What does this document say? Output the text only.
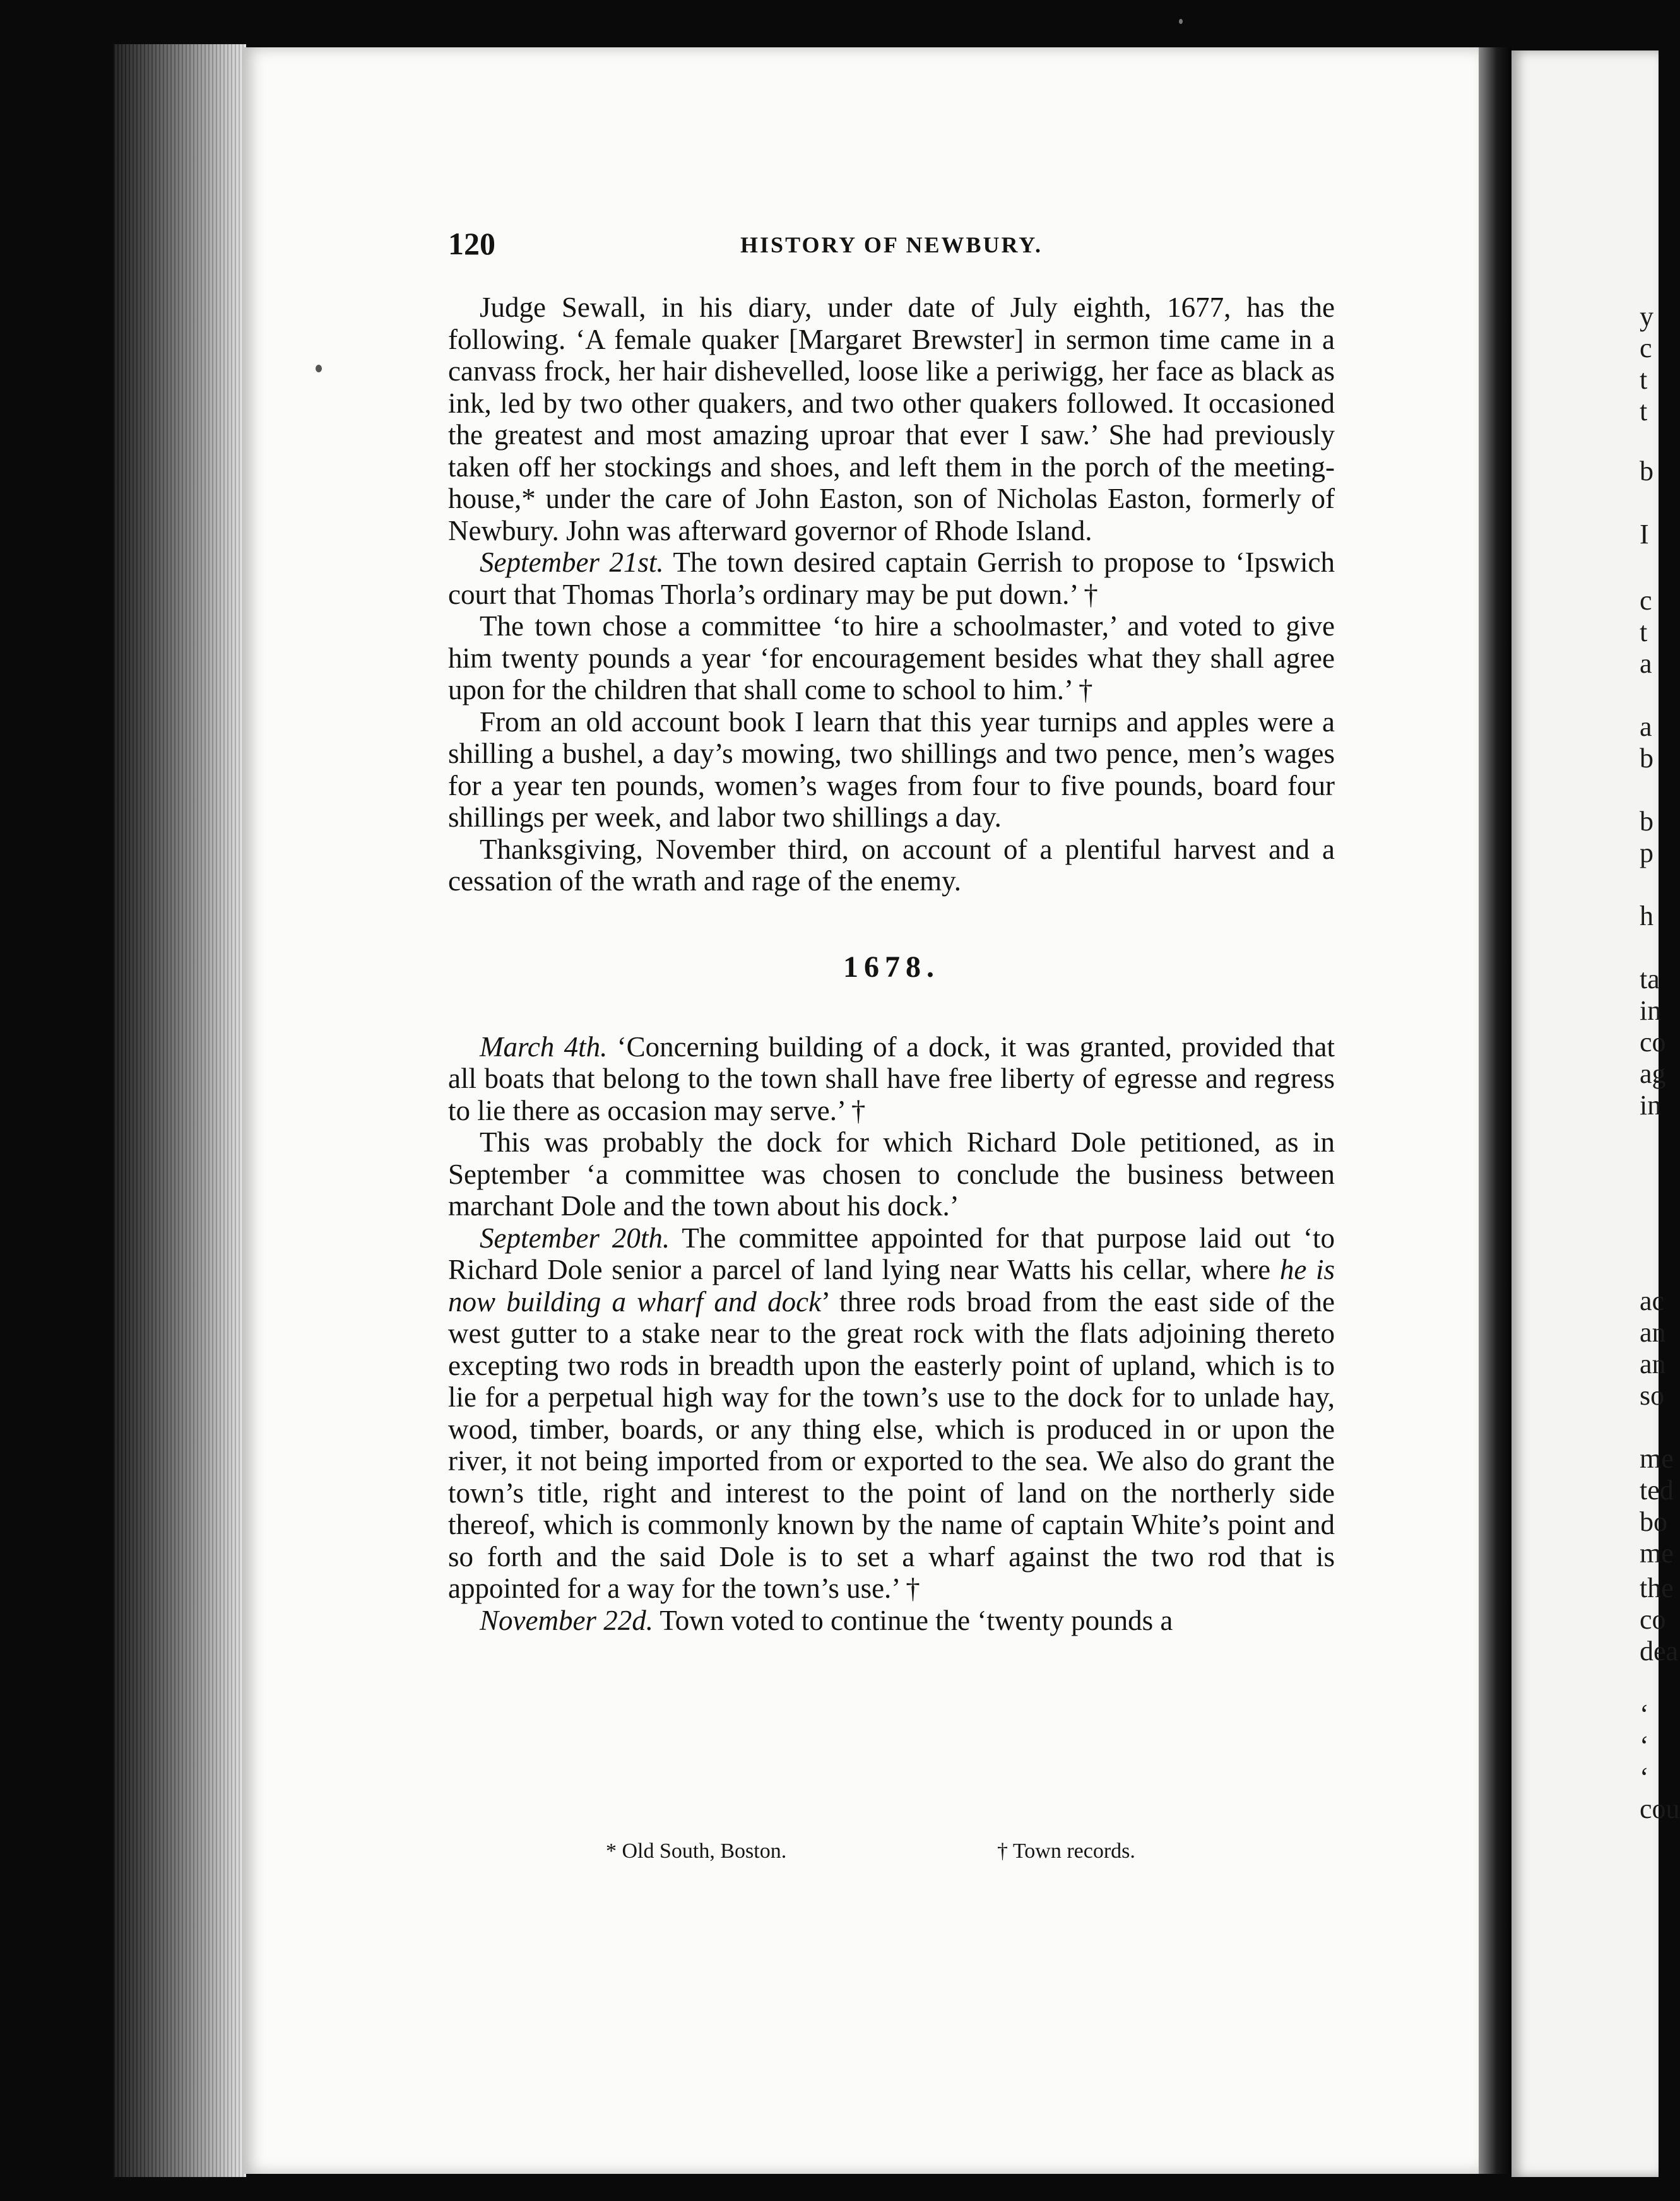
y
c
t
t
b
I
c
t
a
a
b
b
p
h
ta
in
co
ag
in
ac
an
an
so
me
ted
bo
me
the
co
dea
‘
‘
‘
cou
120	HISTORY OF NEWBURY.

Judge Sewall, in his diary, under date of July eighth, 1677, has the following. ‘A female quaker [Margaret Brewster] in sermon time came in a canvass frock, her hair dishevelled, loose like a periwigg, her face as black as ink, led by two other quakers, and two other quakers followed. It occasioned the greatest and most amazing uproar that ever I saw.’ She had previously taken off her stockings and shoes, and left them in the porch of the meeting-house,* under the care of John Easton, son of Nicholas Easton, formerly of Newbury. John was afterward governor of Rhode Island.

September 21st. The town desired captain Gerrish to propose to ‘Ipswich court that Thomas Thorla’s ordinary may be put down.’ †

The town chose a committee ‘to hire a schoolmaster,’ and voted to give him twenty pounds a year ‘for encouragement besides what they shall agree upon for the children that shall come to school to him.’ †

From an old account book I learn that this year turnips and apples were a shilling a bushel, a day’s mowing, two shillings and two pence, men’s wages for a year ten pounds, women’s wages from four to five pounds, board four shillings per week, and labor two shillings a day.

Thanksgiving, November third, on account of a plentiful harvest and a cessation of the wrath and rage of the enemy.

1678.

March 4th. ‘Concerning building of a dock, it was granted, provided that all boats that belong to the town shall have free liberty of egresse and regress to lie there as occasion may serve.’ †

This was probably the dock for which Richard Dole petitioned, as in September ‘a committee was chosen to conclude the business between marchant Dole and the town about his dock.’

September 20th. The committee appointed for that purpose laid out ‘to Richard Dole senior a parcel of land lying near Watts his cellar, where he is now building a wharf and dock’ three rods broad from the east side of the west gutter to a stake near to the great rock with the flats adjoining thereto excepting two rods in breadth upon the easterly point of upland, which is to lie for a perpetual high way for the town’s use to the dock for to unlade hay, wood, timber, boards, or any thing else, which is produced in or upon the river, it not being imported from or exported to the sea. We also do grant the town’s title, right and interest to the point of land on the northerly side thereof, which is commonly known by the name of captain White’s point and so forth and the said Dole is to set a wharf against the two rod that is appointed for a way for the town’s use.’ †

November 22d. Town voted to continue the ‘twenty pounds a

* Old South, Boston.	† Town records.
